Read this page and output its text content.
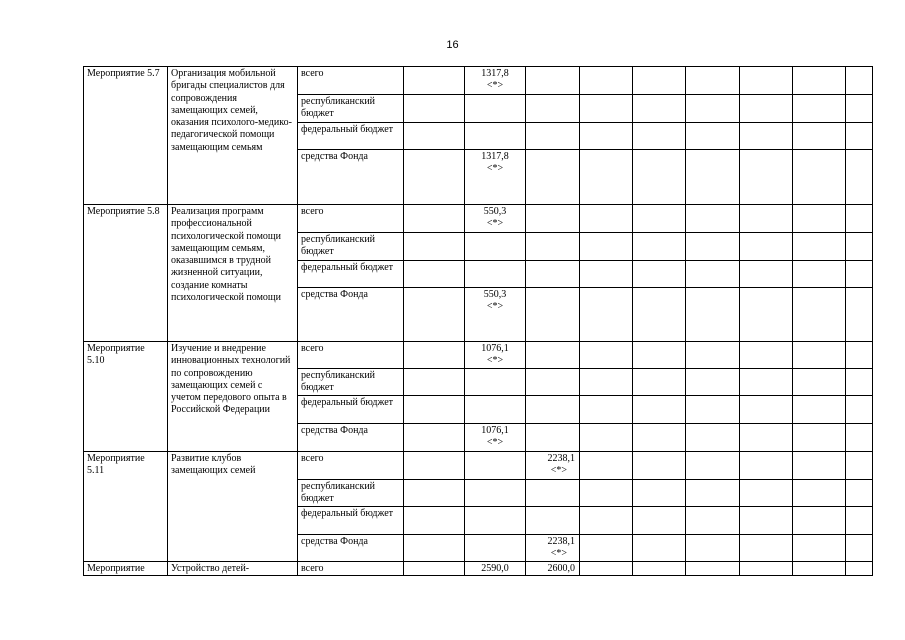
16
Мероприятие 5.7	Организация мобильной бригады специалистов для сопровождения замещающих семей, оказания психолого-медико-педагогической помощи замещающим семьям	всего		1317,8
<*>							

		республиканский бюджет									
		федеральный бюджет									
		средства Фонда		1317,8
<*>							

Мероприятие 5.8	Реализация программ профессиональной психологической помощи замещающим семьям, оказавшимся в трудной жизненной ситуации, создание комнаты психологической помощи	всего		550,3
<*>							

		республиканский бюджет									
		федеральный бюджет									
		средства Фонда		550,3
<*>							

Мероприятие 5.10	Изучение и внедрение инновационных технологий по сопровождению замещающих семей с учетом передового опыта в Российской Федерации	всего		1076,1
<*>							

		республиканский бюджет									
		федеральный бюджет									
		средства Фонда		1076,1
<*>							

Мероприятие 5.11	Развитие клубов замещающих семей	всего			2238,1
<*>						

		республиканский бюджет									
		федеральный бюджет									
		средства Фонда			2238,1
<*>						

Мероприятие	Устройство детей-	всего		2590,0	2600,0						
